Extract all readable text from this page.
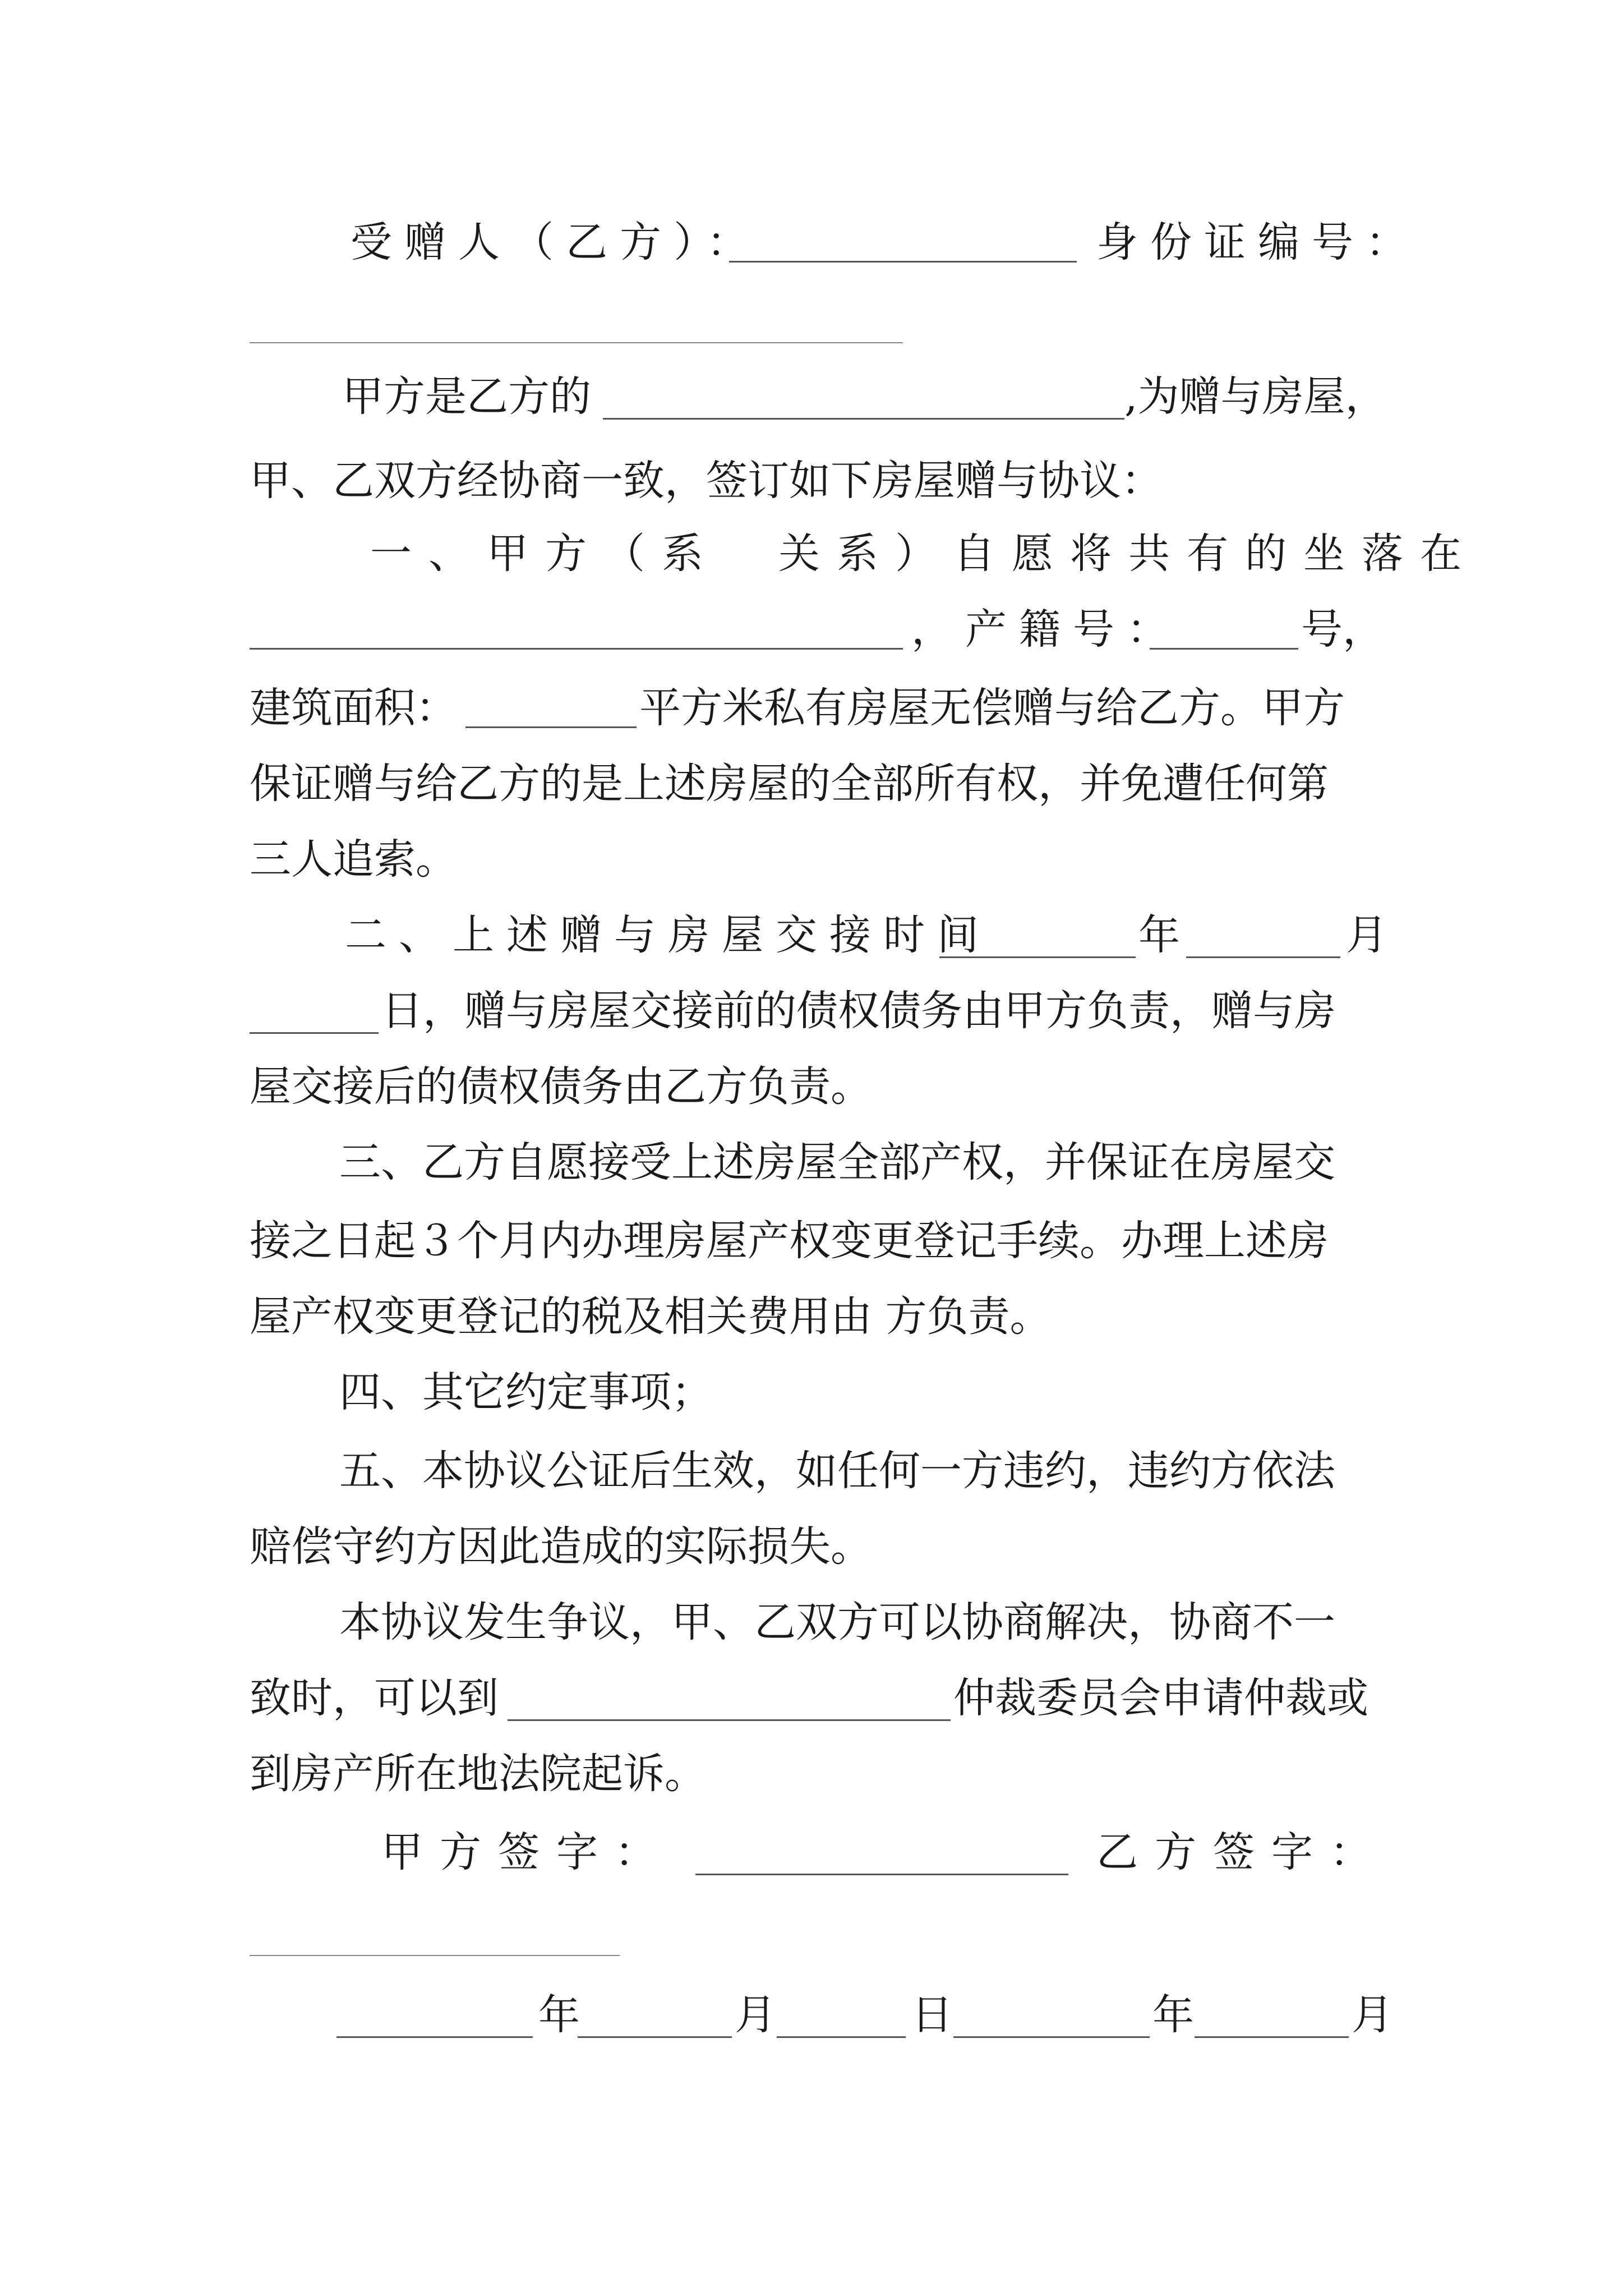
受赠人（乙方）：	身份证编号：
甲方是乙方的	,为赠与房屋，
甲、乙双方经协商一致，签订如下房屋赠与协议：
一、甲方（系　关系）自愿将共有的坐落在
，产籍号：	号，
建筑面积：	平方米私有房屋无偿赠与给乙方。甲方
保证赠与给乙方的是上述房屋的全部所有权，并免遭任何第
三人追索。
二、上述赠与房屋交接时间	年	月
日，赠与房屋交接前的债权债务由甲方负责，赠与房
屋交接后的债权债务由乙方负责。
三、乙方自愿接受上述房屋全部产权，并保证在房屋交
接之日起３个月内办理房屋产权变更登记手续。办理上述房
屋产权变更登记的税及相关费用由 方负责。
四、其它约定事项；
五、本协议公证后生效，如任何一方违约，违约方依法
赔偿守约方因此造成的实际损失。
本协议发生争议，甲、乙双方可以协商解决，协商不一
致时，可以到	仲裁委员会申请仲裁或
到房产所在地法院起诉。
甲方签字：	乙方签字：
年	月	日	年	月
